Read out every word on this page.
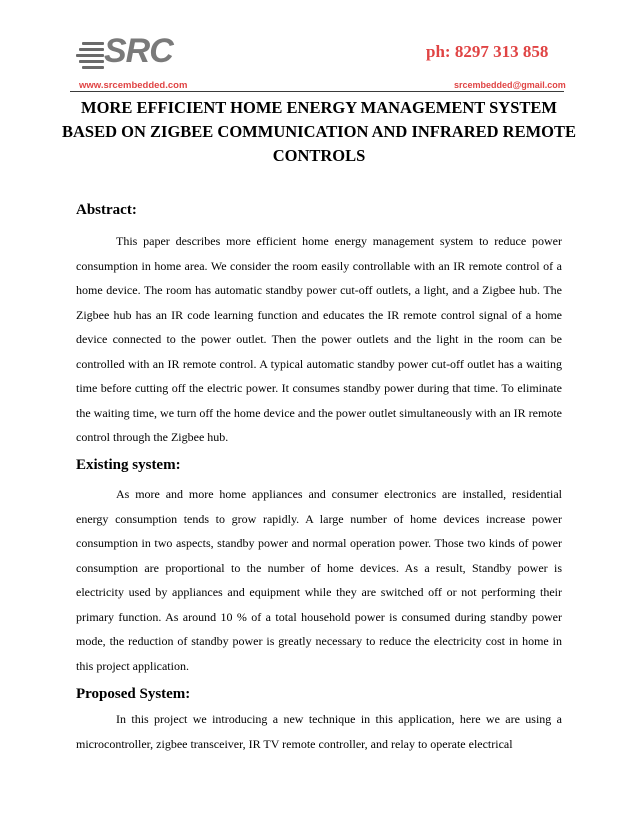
SRC
www.srcembedded.com
ph: 8297 313 858
srcembedded@gmail.com
MORE EFFICIENT HOME ENERGY MANAGEMENT SYSTEM BASED ON ZIGBEE COMMUNICATION AND INFRARED REMOTE CONTROLS
Abstract:
This paper describes more efficient home energy management system to reduce power consumption in home area. We consider the room easily controllable with an IR remote control of a home device. The room has automatic standby power cut-off outlets, a light, and a Zigbee hub. The Zigbee hub has an IR code learning function and educates the IR remote control signal of a home device connected to the power outlet. Then the power outlets and the light in the room can be controlled with an IR remote control. A typical automatic standby power cut-off outlet has a waiting time before cutting off the electric power. It consumes standby power during that time. To eliminate the waiting time, we turn off the home device and the power outlet simultaneously with an IR remote control through the Zigbee hub.
Existing system:
As more and more home appliances and consumer electronics are installed, residential energy consumption tends to grow rapidly. A large number of home devices increase power consumption in two aspects, standby power and normal operation power. Those two kinds of power consumption are proportional to the number of home devices. As a result, Standby power is electricity used by appliances and equipment while they are switched off or not performing their primary function. As around 10 % of a total household power is consumed during standby power mode, the reduction of standby power is greatly necessary to reduce the electricity cost in home in this project application.
Proposed System:
In this project we introducing a new technique in this application, here we are using a microcontroller, zigbee transceiver, IR TV remote controller, and relay to operate electrical
